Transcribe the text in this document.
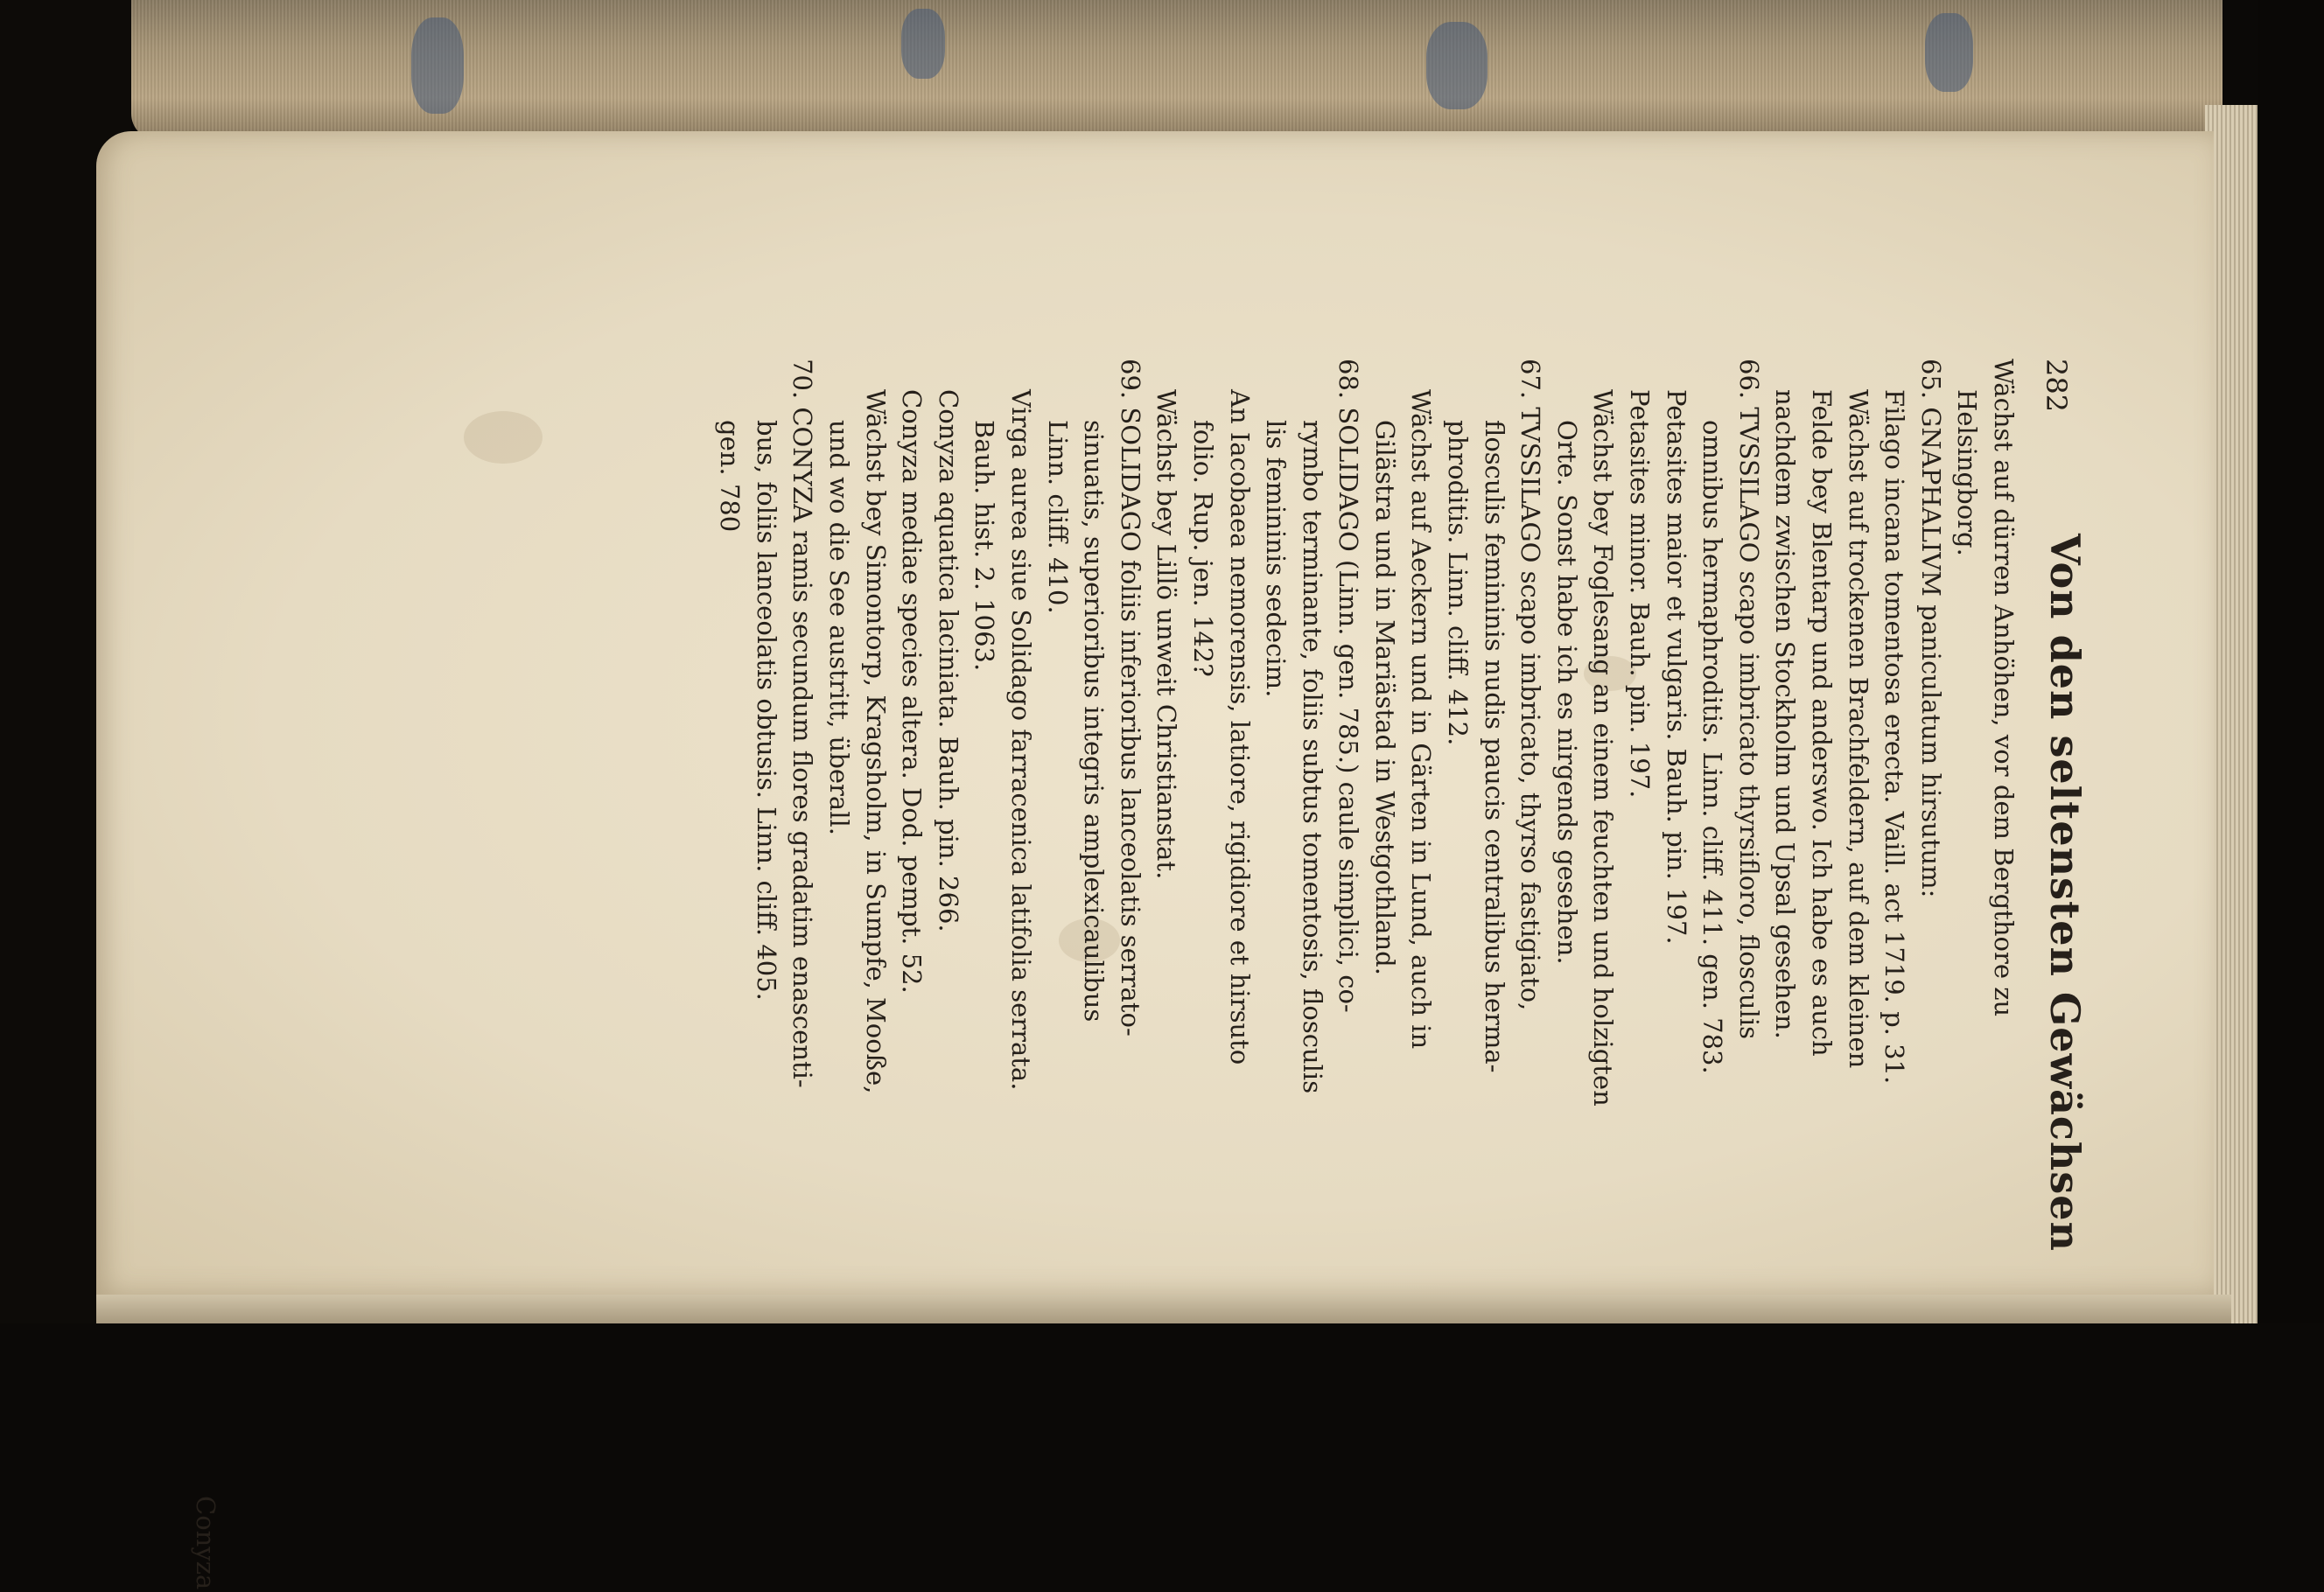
282
Von den seltensten Gewächsen
Wächst auf dürren Anhöhen, vor dem Bergthore zu
Helsingborg.
65. GNAPHALIVM paniculatum hirsutum:
Filago incana tomentosa erecta. Vaill. act 1719. p. 31.
Wächst auf trockenen Brachfeldern, auf dem kleinen
Felde bey Blentarp und anderswo. Ich habe es auch
nachdem zwischen Stockholm und Upsal gesehen.
66. TVSSILAGO scapo imbricato thyrsifloro, flosculis
omnibus hermaphroditis. Linn. cliff. 411. gen. 783.
Petasites maior et vulgaris. Bauh. pin. 197.
Petasites minor. Bauh. pin. 197.
Wächst bey Foglesang an einem feuchten und holzigten
Orte. Sonst habe ich es nirgends gesehen.
67. TVSSILAGO scapo imbricato, thyrso fastigiato,
flosculis femininis nudis paucis centralibus herma-
phroditis. Linn. cliff. 412.
Wächst auf Aeckern und in Gärten in Lund, auch in
Gilästra und in Mariästad in Westgothland.
68. SOLIDAGO (Linn. gen. 785.) caule simplici, co-
rymbo terminante, foliis subtus tomentosis, flosculis
lis femininis sedecim.
An Iacobaea nemorensis, latiore, rigidiore et hirsuto
folio. Rup. jen. 142?
Wächst bey Lillö unweit Christianstat.
69. SOLIDAGO foliis inferioribus lanceolatis serrato-
sinuatis, superioribus integris amplexicaulibus
Linn. cliff. 410.
Virga aurea siue Solidago farracenica latifolia serrata.
Bauh. hist. 2. 1063.
Conyza aquatica laciniata. Bauh. pin. 266.
Conyza mediae species altera. Dod. pempt. 52.
Wächst bey Simontorp, Kragsholm, in Sumpfe, Mooße,
und wo die See austritt, überall.
70. CONYZA ramis secundum flores gradatim enascenti-
bus, foliis lanceolatis obtusis. Linn. cliff. 405.
gen. 780
Conyza
